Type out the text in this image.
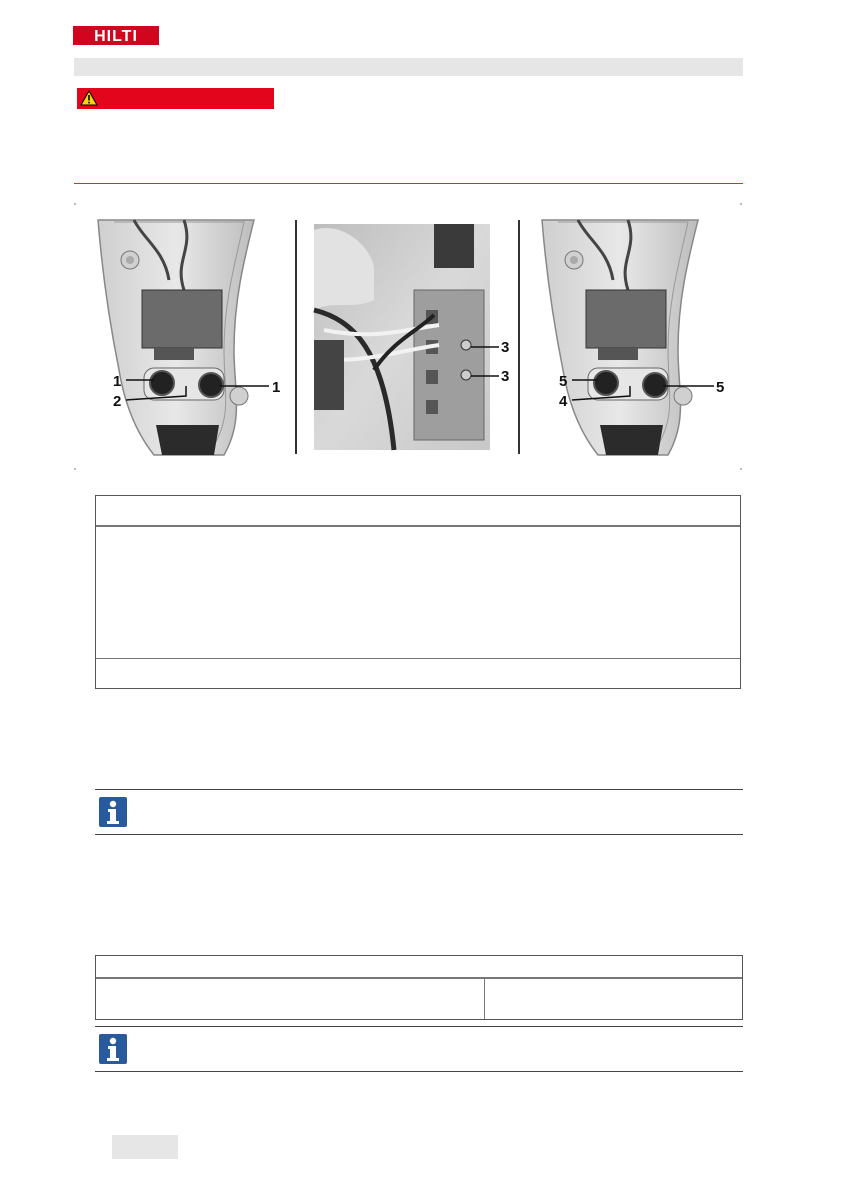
HILTI
1	1
2
3
3	5	5
4
